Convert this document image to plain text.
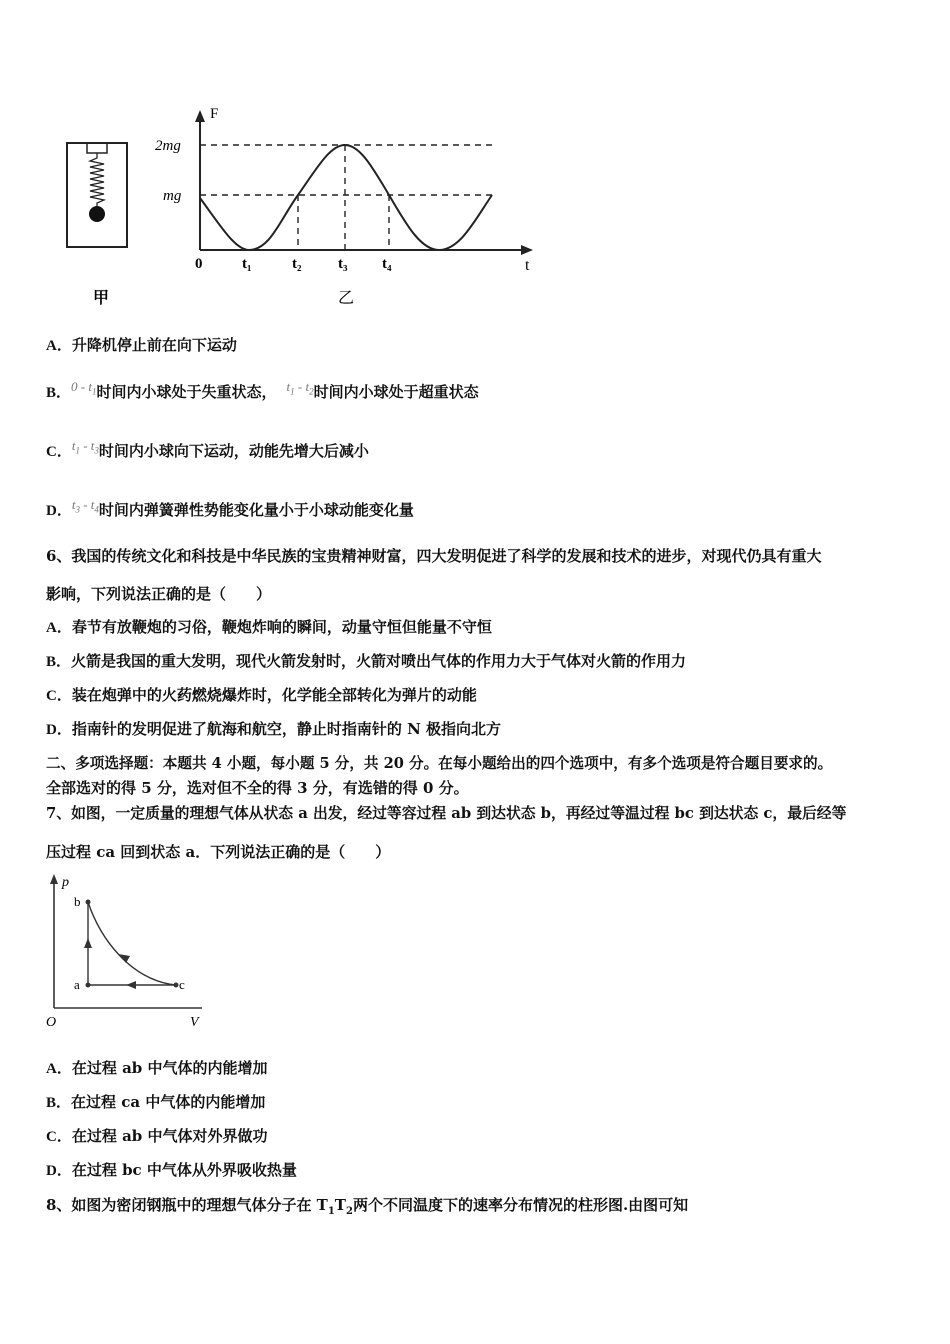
F
2mg
mg
0	t₁	t₂ t₃ t₄	t
甲	乙
A．升降机停止前在向下运动
B．$0 - t_1$时间内小球处于失重状态， $t_1 - t_2$时间内小球处于超重状态
C．$t_1 - t_3$时间内小球向下运动，动能先增大后减小
D．$t_3 - t_4$时间内弹簧弹性势能变化量小于小球动能变化量
6、我国的传统文化和科技是中华民族的宝贵精神财富，四大发明促进了科学的发展和技术的进步，对现代仍具有重大
影响，下列说法正确的是（　　）
A．春节有放鞭炮的习俗，鞭炮炸响的瞬间，动量守恒但能量不守恒
B．火箭是我国的重大发明，现代火箭发射时，火箭对喷出气体的作用力大于气体对火箭的作用力
C．装在炮弹中的火药燃烧爆炸时，化学能全部转化为弹片的动能
D．指南针的发明促进了航海和航空，静止时指南针的 N 极指向北方
二、多项选择题：本题共 4 小题，每小题 5 分，共 20 分。在每小题给出的四个选项中，有多个选项是符合题目要求的。
全部选对的得 5 分，选对但不全的得 3 分，有选错的得 0 分。
7、如图，一定质量的理想气体从状态 a 出发，经过等容过程 ab 到达状态 b，再经过等温过程 bc 到达状态 c，最后经等
压过程 ca 回到状态 a．下列说法正确的是（　　）
p
b
a	c
O	V
A．在过程 ab 中气体的内能增加
B．在过程 ca 中气体的内能增加
C．在过程 ab 中气体对外界做功
D．在过程 bc 中气体从外界吸收热量
8、如图为密闭钢瓶中的理想气体分子在 $T_1T_2$两个不同温度下的速率分布情况的柱形图.由图可知
